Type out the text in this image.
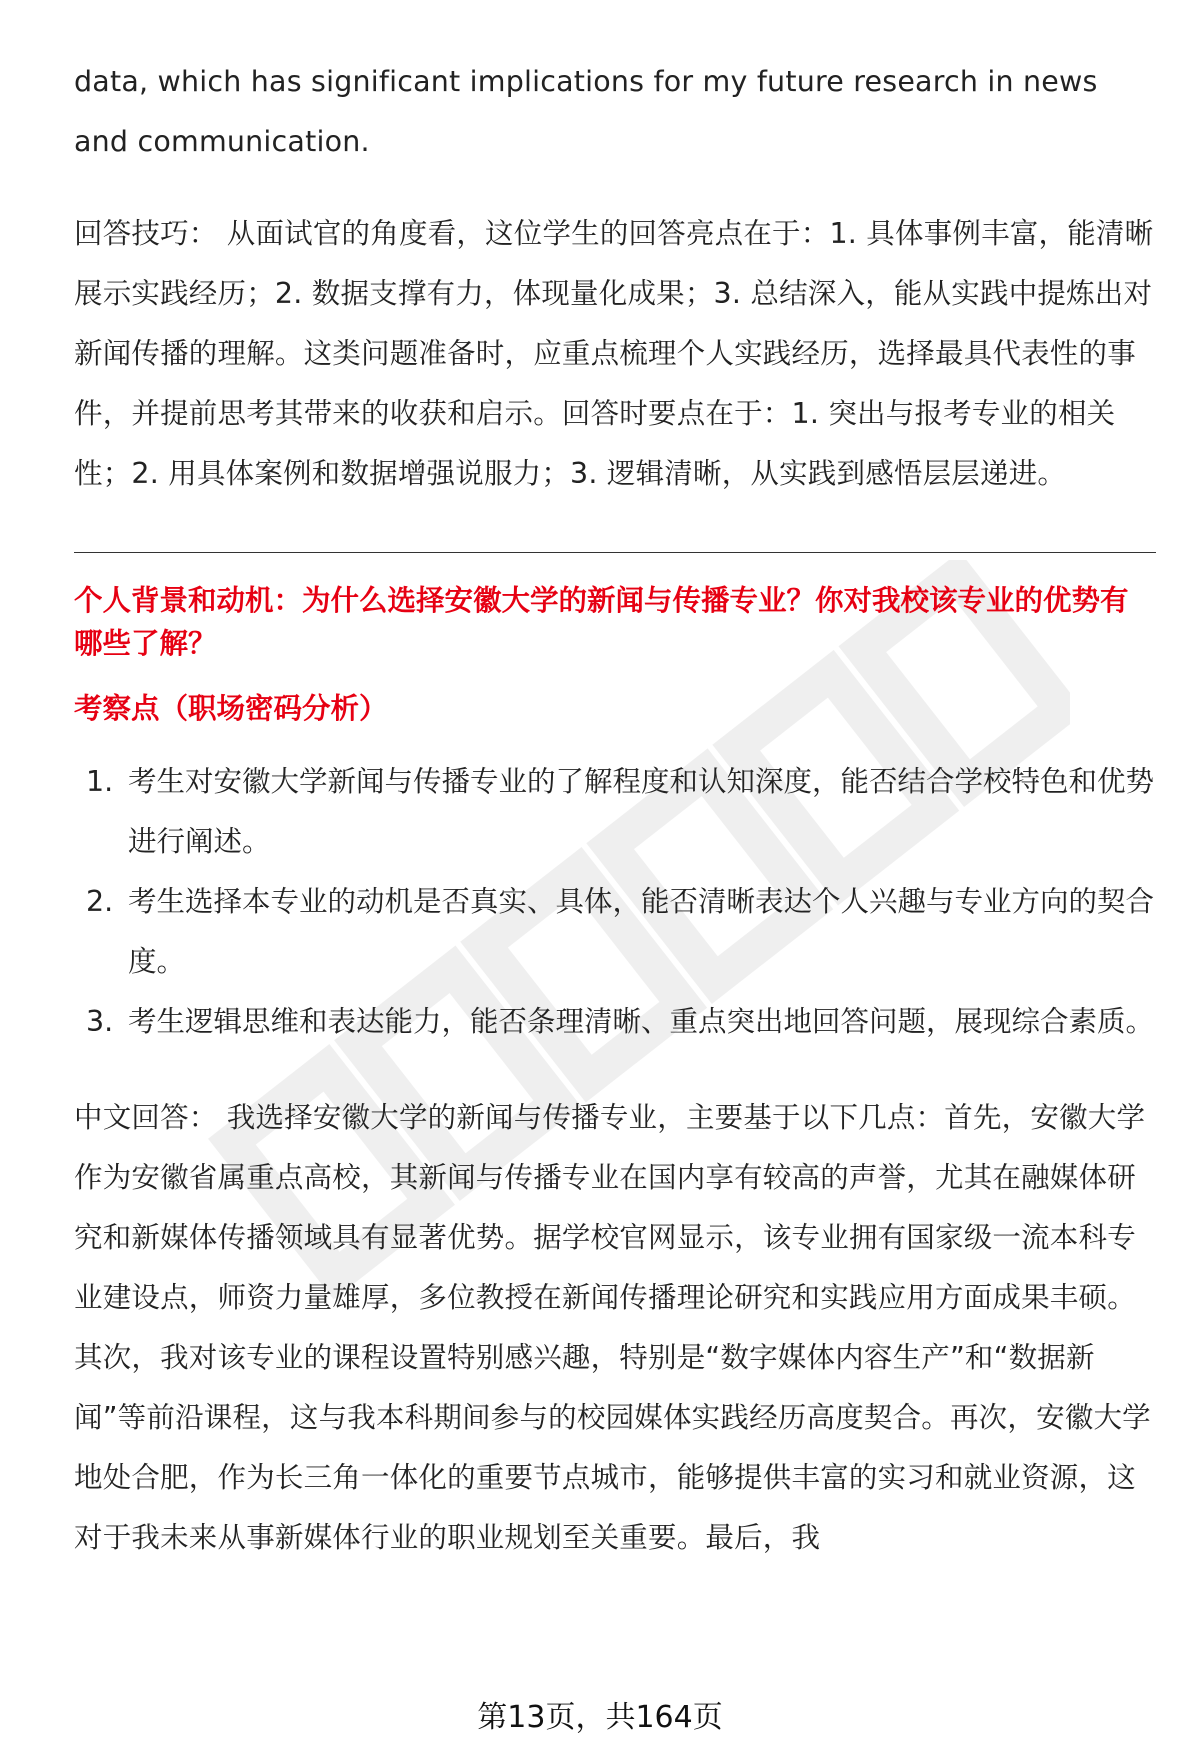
data, which has significant implications for my future research in news and communication.

回答技巧： 从面试官的角度看，这位学生的回答亮点在于：1. 具体事例丰富，能清晰展示实践经历；2. 数据支撑有力，体现量化成果；3. 总结深入，能从实践中提炼出对新闻传播的理解。这类问题准备时，应重点梳理个人实践经历，选择最具代表性的事件，并提前思考其带来的收获和启示。回答时要点在于：1. 突出与报考专业的相关性；2. 用具体案例和数据增强说服力；3. 逻辑清晰，从实践到感悟层层递进。

个人背景和动机：为什么选择安徽大学的新闻与传播专业？你对我校该专业的优势有哪些了解？

考察点（职场密码分析）

1. 考生对安徽大学新闻与传播专业的了解程度和认知深度，能否结合学校特色和优势进行阐述。
2. 考生选择本专业的动机是否真实、具体，能否清晰表达个人兴趣与专业方向的契合度。
3. 考生逻辑思维和表达能力，能否条理清晰、重点突出地回答问题，展现综合素质。

中文回答： 我选择安徽大学的新闻与传播专业，主要基于以下几点：首先，安徽大学作为安徽省属重点高校，其新闻与传播专业在国内享有较高的声誉，尤其在融媒体研究和新媒体传播领域具有显著优势。据学校官网显示，该专业拥有国家级一流本科专业建设点，师资力量雄厚，多位教授在新闻传播理论研究和实践应用方面成果丰硕。其次，我对该专业的课程设置特别感兴趣，特别是“数字媒体内容生产”和“数据新闻”等前沿课程，这与我本科期间参与的校园媒体实践经历高度契合。再次，安徽大学地处合肥，作为长三角一体化的重要节点城市，能够提供丰富的实习和就业资源，这对于我未来从事新媒体行业的职业规划至关重要。最后，我

第13页，共164页
